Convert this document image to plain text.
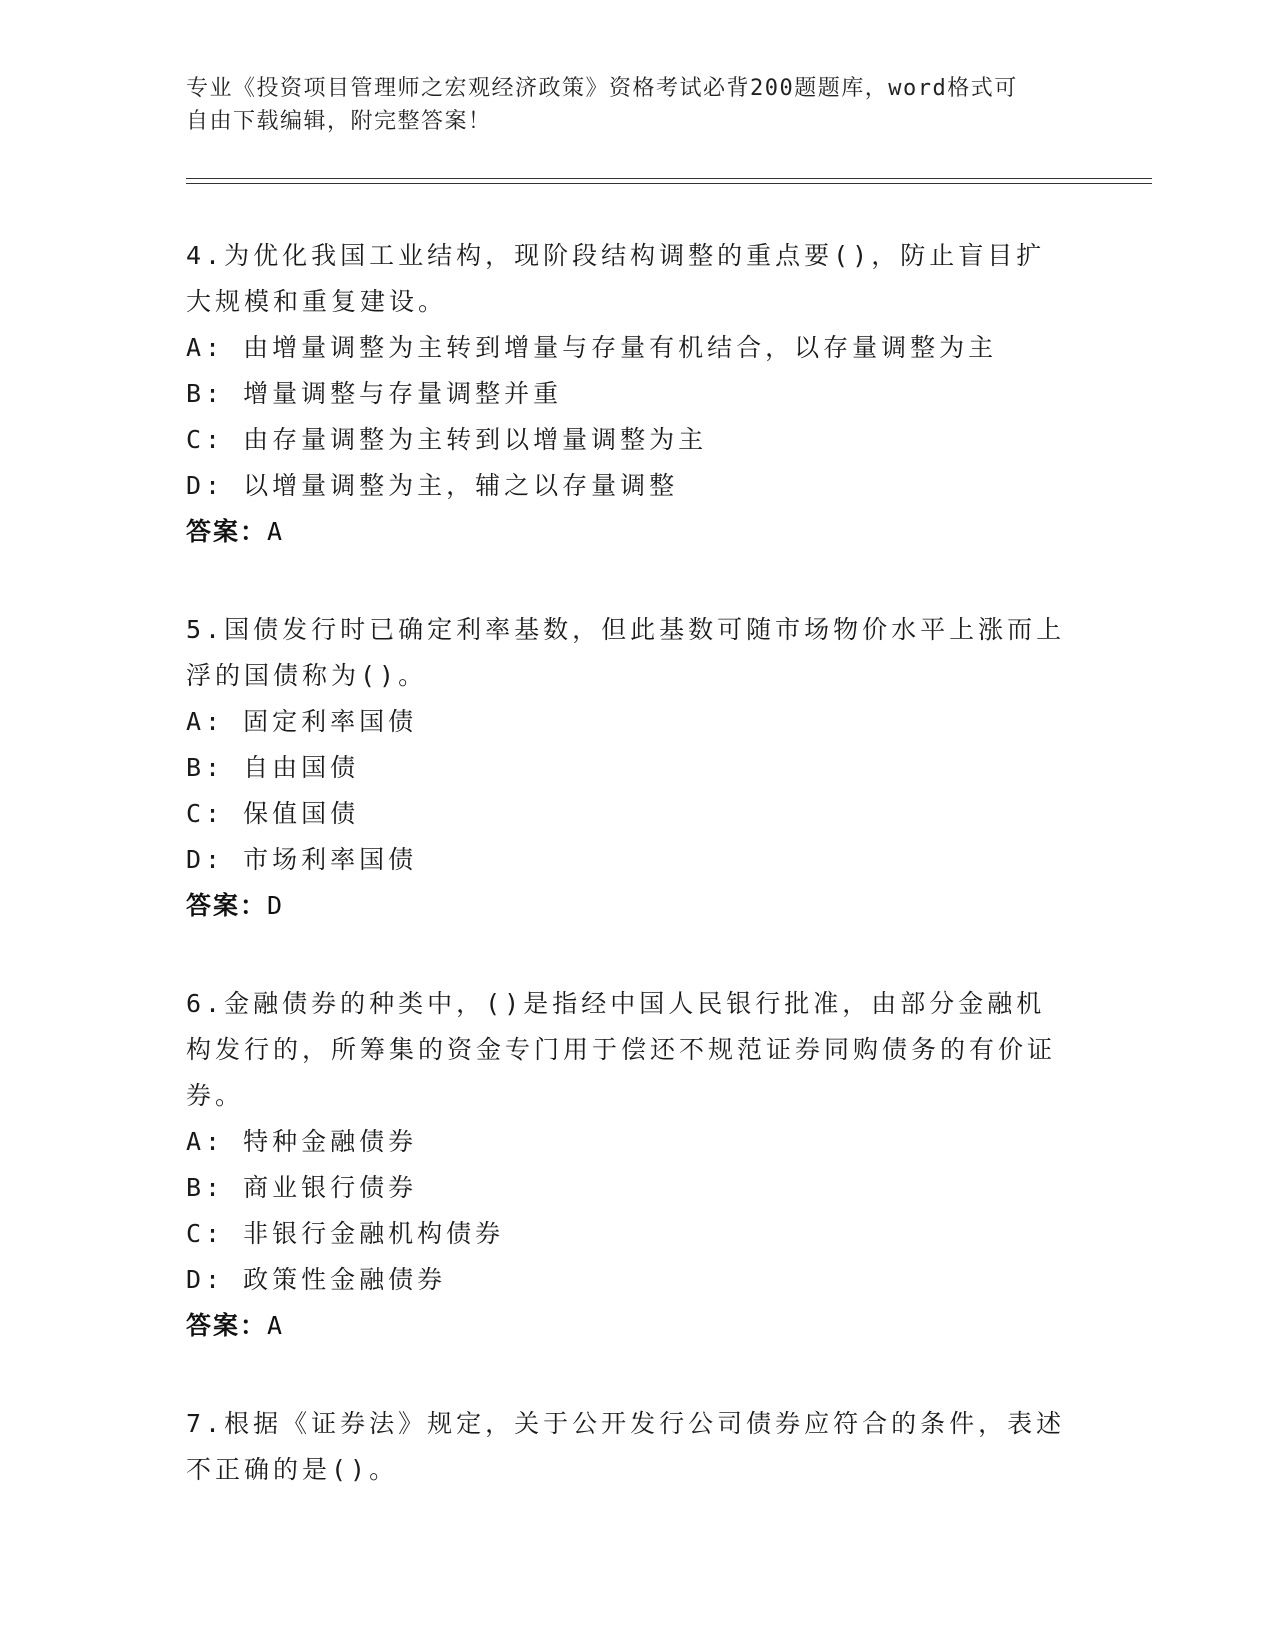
专业《投资项目管理师之宏观经济政策》资格考试必背200题题库，word格式可
自由下载编辑，附完整答案！
4.为优化我国工业结构，现阶段结构调整的重点要()，防止盲目扩大规模和重复建设。
A: 由增量调整为主转到增量与存量有机结合，以存量调整为主
B: 增量调整与存量调整并重
C: 由存量调整为主转到以增量调整为主
D: 以增量调整为主，辅之以存量调整
答案：A
5.国债发行时已确定利率基数，但此基数可随市场物价水平上涨而上浮的国债称为()。
A: 固定利率国债
B: 自由国债
C: 保值国债
D: 市场利率国债
答案：D
6.金融债券的种类中，()是指经中国人民银行批准，由部分金融机构发行的，所筹集的资金专门用于偿还不规范证券同购债务的有价证券。
A: 特种金融债券
B: 商业银行债券
C: 非银行金融机构债券
D: 政策性金融债券
答案：A
7.根据《证券法》规定，关于公开发行公司债券应符合的条件，表述不正确的是()。
